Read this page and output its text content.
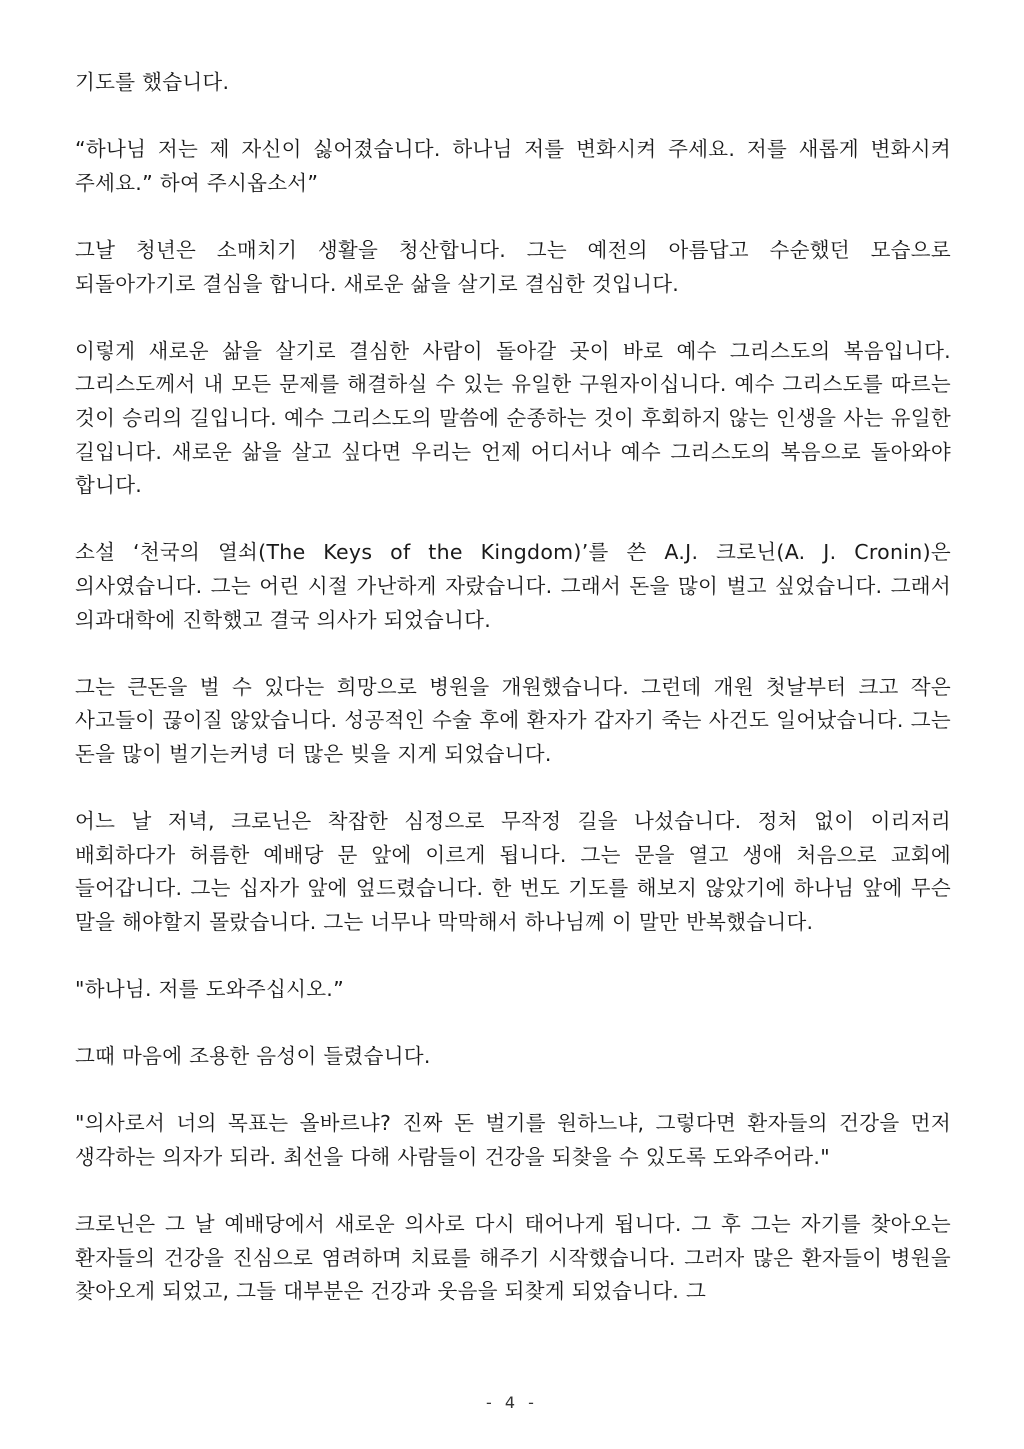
기도를 했습니다.

“하나님 저는 제 자신이 싫어졌습니다. 하나님 저를 변화시켜 주세요. 저를 새롭게 변화시켜 주세요.” 하여 주시옵소서”

그날 청년은 소매치기 생활을 청산합니다. 그는 예전의 아름답고 수순했던 모습으로 되돌아가기로 결심을 합니다. 새로운 삶을 살기로 결심한 것입니다.

이렇게 새로운 삶을 살기로 결심한 사람이 돌아갈 곳이 바로 예수 그리스도의 복음입니다. 그리스도께서 내 모든 문제를 해결하실 수 있는 유일한 구원자이십니다. 예수 그리스도를 따르는 것이 승리의 길입니다. 예수 그리스도의 말씀에 순종하는 것이 후회하지 않는 인생을 사는 유일한 길입니다. 새로운 삶을 살고 싶다면 우리는 언제 어디서나 예수 그리스도의 복음으로 돌아와야 합니다.

소설 ‘천국의 열쇠(The Keys of the Kingdom)’를 쓴 A.J. 크로닌(A. J. Cronin)은 의사였습니다. 그는 어린 시절 가난하게 자랐습니다. 그래서 돈을 많이 벌고 싶었습니다. 그래서 의과대학에 진학했고 결국 의사가 되었습니다.

그는 큰돈을 벌 수 있다는 희망으로 병원을 개원했습니다. 그런데 개원 첫날부터 크고 작은 사고들이 끊이질 않았습니다. 성공적인 수술 후에 환자가 갑자기 죽는 사건도 일어났습니다. 그는 돈을 많이 벌기는커녕 더 많은 빚을 지게 되었습니다.

어느 날 저녁, 크로닌은 착잡한 심정으로 무작정 길을 나섰습니다. 정처 없이 이리저리 배회하다가 허름한 예배당 문 앞에 이르게 됩니다. 그는 문을 열고 생애 처음으로 교회에 들어갑니다. 그는 십자가 앞에 엎드렸습니다. 한 번도 기도를 해보지 않았기에 하나님 앞에 무슨 말을 해야할지 몰랐습니다. 그는 너무나 막막해서 하나님께 이 말만 반복했습니다.

"하나님. 저를 도와주십시오.”

그때 마음에 조용한 음성이 들렸습니다.

"의사로서 너의 목표는 올바르냐? 진짜 돈 벌기를 원하느냐, 그렇다면 환자들의 건강을 먼저 생각하는 의자가 되라. 최선을 다해 사람들이 건강을 되찾을 수 있도록 도와주어라."

크로닌은 그 날 예배당에서 새로운 의사로 다시 태어나게 됩니다. 그 후 그는 자기를 찾아오는 환자들의 건강을 진심으로 염려하며 치료를 해주기 시작했습니다. 그러자 많은 환자들이 병원을 찾아오게 되었고, 그들 대부분은 건강과 웃음을 되찾게 되었습니다. 그

- 4 -
